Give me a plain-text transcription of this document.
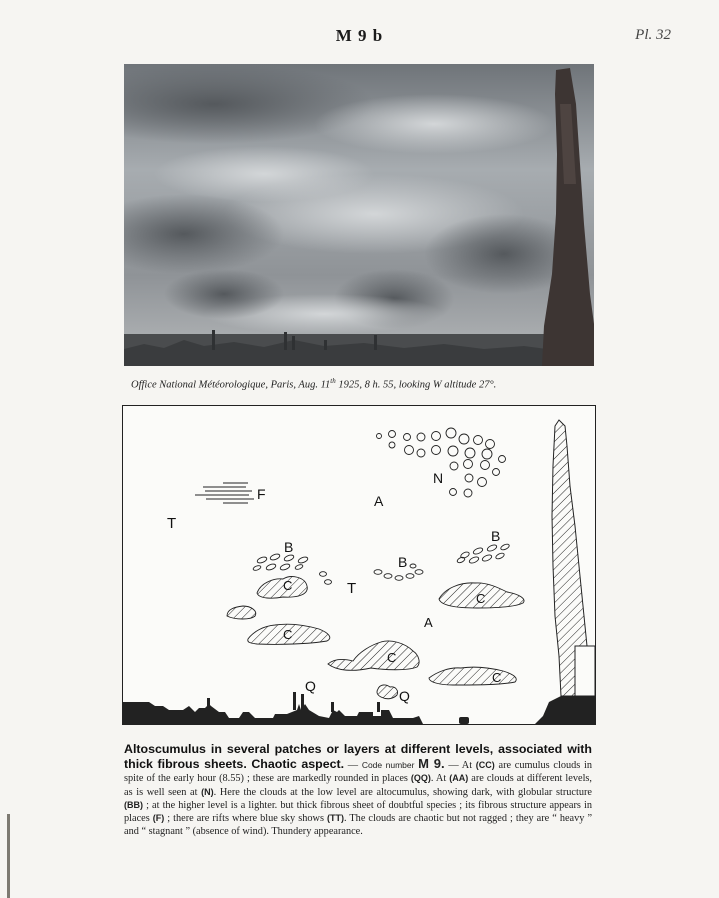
M 9 b	Pl. 32
Office National Météorologique, Paris, Aug. 11th 1925, 8 h. 55, looking W altitude 27°.
N
F	A
T
B
B
B
T
C
C
C
A
C
C
Q
Q
Altoscumulus in several patches or layers at different levels, associated with thick fibrous sheets. Chaotic aspect. — Code number M 9. — At (CC) are cumulus clouds in spite of the early hour (8.55) ; these are markedly rounded in places (QQ). At (AA) are clouds at different levels, as is well seen at (N). Here the clouds at the low level are altocumulus, showing dark, with globular structure (BB) ; at the higher level is a lighter. but thick fibrous sheet of doubtful species ; its fibrous structure appears in places (F) ; there are rifts where blue sky shows (TT). The clouds are chaotic but not ragged ; they are “ heavy ” and “ stagnant ” (absence of wind). Thundery appearance.
